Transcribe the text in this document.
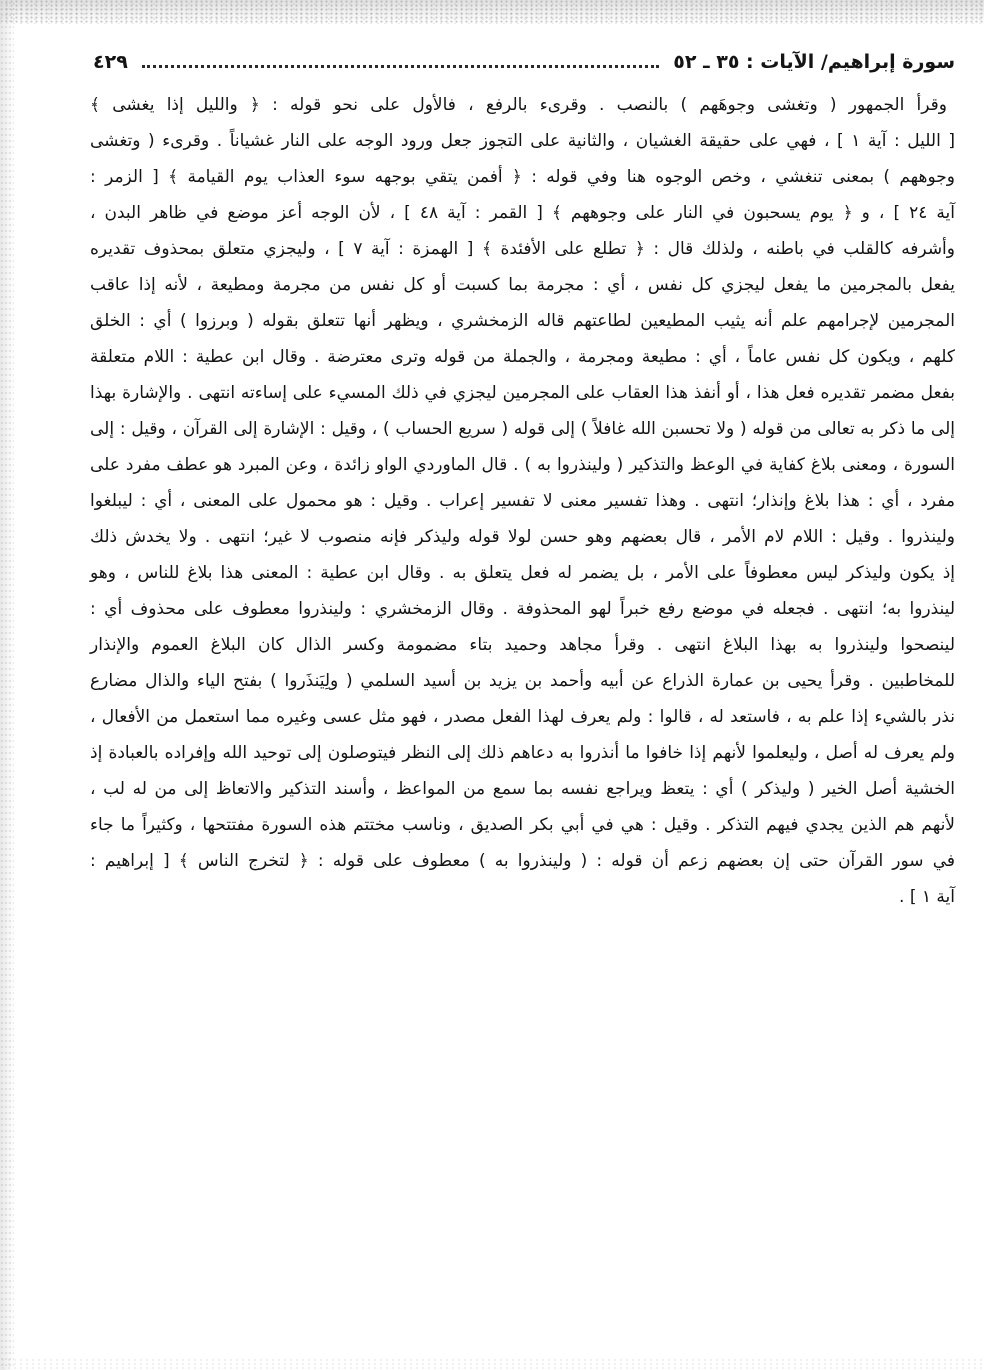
سورة إبراهيم/ الآيات : ٣٥ ـ ٥٢
٤٢٩
وقرأ الجمهور ( وتغشى وجوهَهم ) بالنصب . وقرىء بالرفع ، فالأول على نحو قوله : ﴿ والليل إذا يغشى ﴾
[ الليل : آية ١ ] ، فهي على حقيقة الغشيان ، والثانية على التجوز جعل ورود الوجه على النار غشياناً . وقرىء ( وتغشى
وجوههم ) بمعنى تنغشي ، وخص الوجوه هنا وفي قوله : ﴿ أفمن يتقي بوجهه سوء العذاب يوم القيامة ﴾ [ الزمر :
آية ٢٤ ] ، و ﴿ يوم يسحبون في النار على وجوههم ﴾ [ القمر : آية ٤٨ ] ، لأن الوجه أعز موضع في ظاهر البدن ،
وأشرفه كالقلب في باطنه ، ولذلك قال : ﴿ تطلع على الأفئدة ﴾ [ الهمزة : آية ٧ ] ، وليجزي متعلق بمحذوف تقديره
يفعل بالمجرمين ما يفعل ليجزي كل نفس ، أي : مجرمة بما كسبت أو كل نفس من مجرمة ومطيعة ، لأنه إذا عاقب
المجرمين لإجرامهم علم أنه يثيب المطيعين لطاعتهم قاله الزمخشري ، ويظهر أنها تتعلق بقوله ( وبرزوا ) أي : الخلق
كلهم ، ويكون كل نفس عاماً ، أي : مطيعة ومجرمة ، والجملة من قوله وترى معترضة . وقال ابن عطية : اللام متعلقة
بفعل مضمر تقديره فعل هذا ، أو أنفذ هذا العقاب على المجرمين ليجزي في ذلك المسيء على إساءته انتهى . والإشارة بهذا
إلى ما ذكر به تعالى من قوله ( ولا تحسبن الله غافلاً ) إلى قوله ( سريع الحساب ) ، وقيل : الإشارة إلى القرآن ، وقيل : إلى
السورة ، ومعنى بلاغ كفاية في الوعظ والتذكير ( ولينذروا به ) . قال الماوردي الواو زائدة ، وعن المبرد هو عطف مفرد على
مفرد ، أي : هذا بلاغ وإنذار؛ انتهى . وهذا تفسير معنى لا تفسير إعراب . وقيل : هو محمول على المعنى ، أي : ليبلغوا
ولينذروا . وقيل : اللام لام الأمر ، قال بعضهم وهو حسن لولا قوله وليذكر فإنه منصوب لا غير؛ انتهى . ولا يخدش ذلك
إذ يكون وليذكر ليس معطوفاً على الأمر ، بل يضمر له فعل يتعلق به . وقال ابن عطية : المعنى هذا بلاغ للناس ، وهو
لينذروا به؛ انتهى . فجعله في موضع رفع خبراً لهو المحذوفة . وقال الزمخشري : ولينذروا معطوف على محذوف أي :
لينصحوا ولينذروا به بهذا البلاغ انتهى . وقرأ مجاهد وحميد بتاء مضمومة وكسر الذال كان البلاغ العموم والإنذار
للمخاطبين . وقرأ يحيى بن عمارة الذراع عن أبيه وأحمد بن يزيد بن أسيد السلمي ( ولِيَنذَروا ) بفتح الياء والذال مضارع
نذر بالشيء إذا علم به ، فاستعد له ، قالوا : ولم يعرف لهذا الفعل مصدر ، فهو مثل عسى وغيره مما استعمل من الأفعال ،
ولم يعرف له أصل ، وليعلموا لأنهم إذا خافوا ما أنذروا به دعاهم ذلك إلى النظر فيتوصلون إلى توحيد الله وإفراده بالعبادة إذ
الخشية أصل الخير ( وليذكر ) أي : يتعظ ويراجع نفسه بما سمع من المواعظ ، وأسند التذكير والاتعاظ إلى من له لب ،
لأنهم هم الذين يجدي فيهم التذكر . وقيل : هي في أبي بكر الصديق ، وناسب مختتم هذه السورة مفتتحها ، وكثيراً ما جاء
في سور القرآن حتى إن بعضهم زعم أن قوله : ( ولينذروا به ) معطوف على قوله : ﴿ لتخرج الناس ﴾ [ إبراهيم :
آية ١ ] .
